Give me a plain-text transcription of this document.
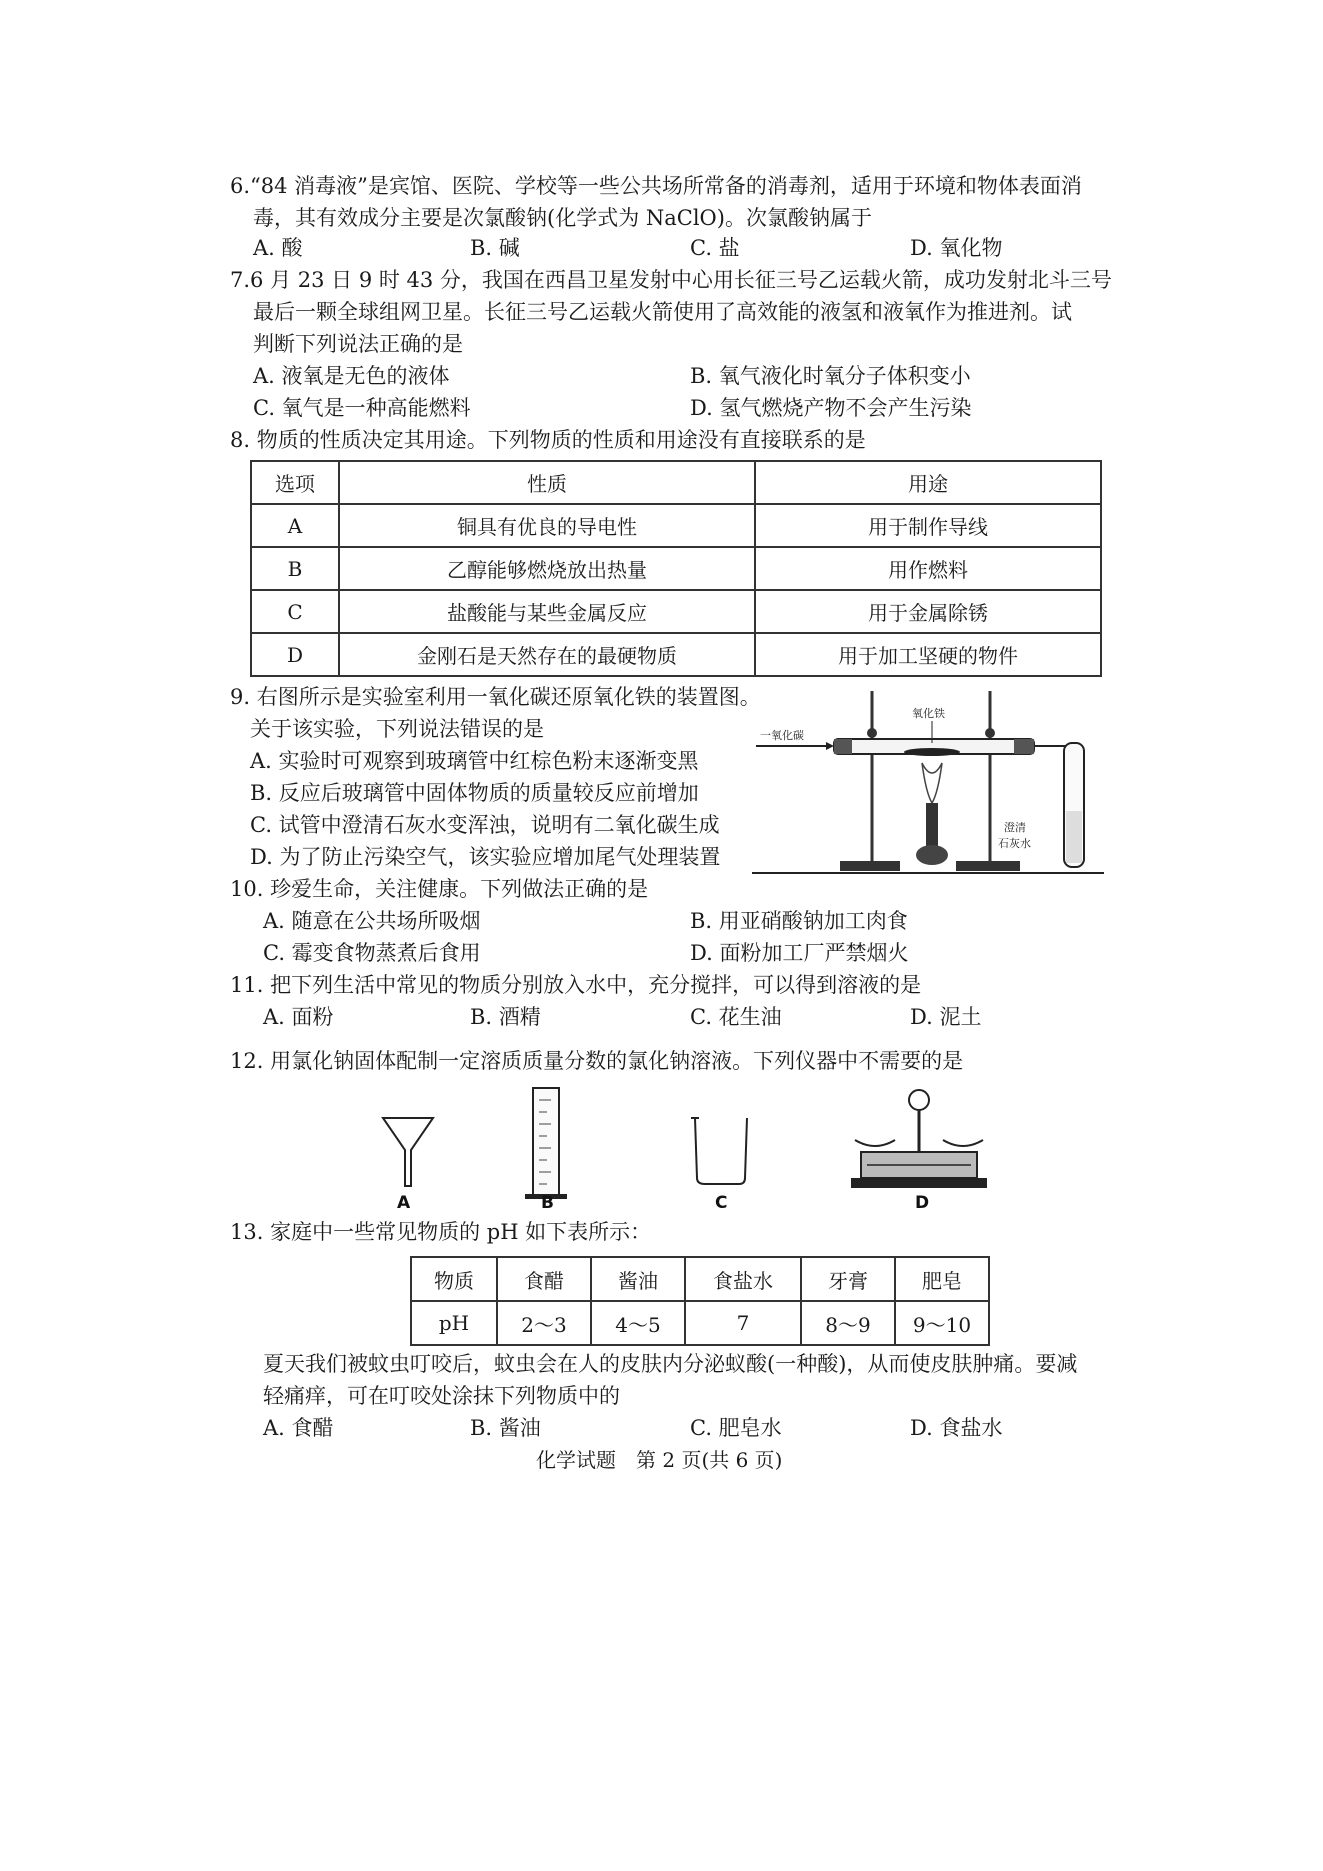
6.“84 消毒液”是宾馆、医院、学校等一些公共场所常备的消毒剂，适用于环境和物体表面消
毒，其有效成分主要是次氯酸钠(化学式为 NaClO)。次氯酸钠属于
A. 酸	B. 碱	C. 盐	D. 氧化物
7.6 月 23 日 9 时 43 分，我国在西昌卫星发射中心用长征三号乙运载火箭，成功发射北斗三号
最后一颗全球组网卫星。长征三号乙运载火箭使用了高效能的液氢和液氧作为推进剂。试
判断下列说法正确的是
A. 液氧是无色的液体	B. 氧气液化时氧分子体积变小
C. 氧气是一种高能燃料	D. 氢气燃烧产物不会产生污染
8. 物质的性质决定其用途。下列物质的性质和用途没有直接联系的是
选项	性质	用途
A	铜具有优良的导电性	用于制作导线
B	乙醇能够燃烧放出热量	用作燃料
C	盐酸能与某些金属反应	用于金属除锈
D	金刚石是天然存在的最硬物质	用于加工坚硬的物件
9. 右图所示是实验室利用一氧化碳还原氧化铁的装置图。
关于该实验，下列说法错误的是
A. 实验时可观察到玻璃管中红棕色粉末逐渐变黑
B. 反应后玻璃管中固体物质的质量较反应前增加
C. 试管中澄清石灰水变浑浊，说明有二氧化碳生成
D. 为了防止污染空气，该实验应增加尾气处理装置
一氧化碳
氧化铁
澄清
石灰水
10. 珍爱生命，关注健康。下列做法正确的是
A. 随意在公共场所吸烟	B. 用亚硝酸钠加工肉食
C. 霉变食物蒸煮后食用	D. 面粉加工厂严禁烟火
11. 把下列生活中常见的物质分别放入水中，充分搅拌，可以得到溶液的是
A. 面粉	B. 酒精	C. 花生油	D. 泥土
12. 用氯化钠固体配制一定溶质质量分数的氯化钠溶液。下列仪器中不需要的是
A	B	C	D
13. 家庭中一些常见物质的 pH 如下表所示：
物质	食醋	酱油	食盐水	牙膏	肥皂
pH	2～3	4～5	7	8～9	9～10
夏天我们被蚊虫叮咬后，蚊虫会在人的皮肤内分泌蚁酸(一种酸)，从而使皮肤肿痛。要减
轻痛痒，可在叮咬处涂抹下列物质中的
A. 食醋	B. 酱油	C. 肥皂水	D. 食盐水
化学试题　第 2 页(共 6 页)
